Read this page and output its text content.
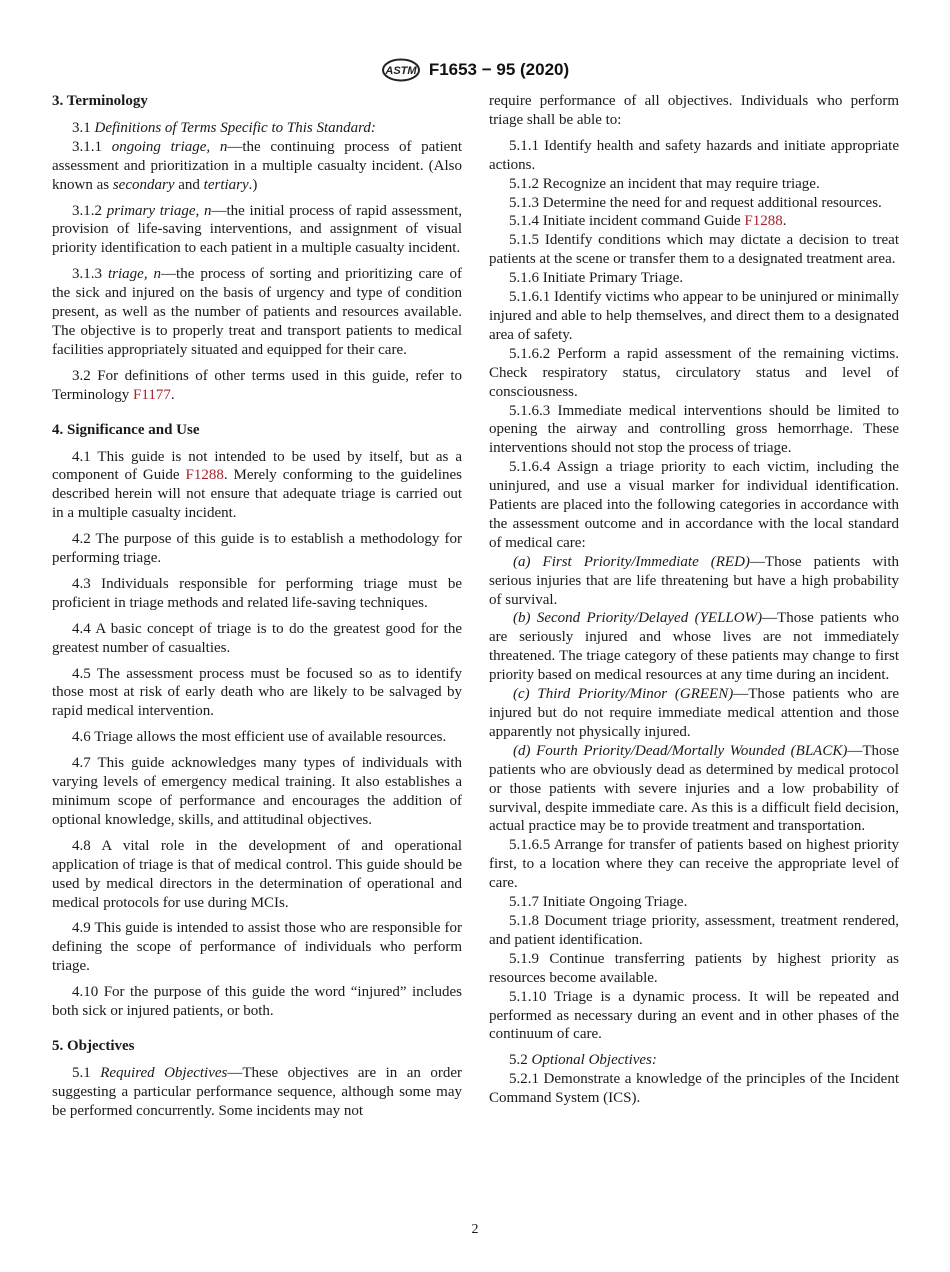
ASTM F1653 − 95 (2020)
3. Terminology

3.1 Definitions of Terms Specific to This Standard:

3.1.1 ongoing triage, n—the continuing process of patient assessment and prioritization in a multiple casualty incident. (Also known as secondary and tertiary.)

3.1.2 primary triage, n—the initial process of rapid assessment, provision of life-saving interventions, and assignment of visual priority identification to each patient in a multiple casualty incident.

3.1.3 triage, n—the process of sorting and prioritizing care of the sick and injured on the basis of urgency and type of condition present, as well as the number of patients and resources available. The objective is to properly treat and transport patients to medical facilities appropriately situated and equipped for their care.

3.2 For definitions of other terms used in this guide, refer to Terminology F1177.

4. Significance and Use

4.1 This guide is not intended to be used by itself, but as a component of Guide F1288. Merely conforming to the guidelines described herein will not ensure that adequate triage is carried out in a multiple casualty incident.

4.2 The purpose of this guide is to establish a methodology for performing triage.

4.3 Individuals responsible for performing triage must be proficient in triage methods and related life-saving techniques.

4.4 A basic concept of triage is to do the greatest good for the greatest number of casualties.

4.5 The assessment process must be focused so as to identify those most at risk of early death who are likely to be salvaged by rapid medical intervention.

4.6 Triage allows the most efficient use of available resources.

4.7 This guide acknowledges many types of individuals with varying levels of emergency medical training. It also establishes a minimum scope of performance and encourages the addition of optional knowledge, skills, and attitudinal objectives.

4.8 A vital role in the development of and operational application of triage is that of medical control. This guide should be used by medical directors in the determination of operational and medical protocols for use during MCIs.

4.9 This guide is intended to assist those who are responsible for defining the scope of performance of individuals who perform triage.

4.10 For the purpose of this guide the word “injured” includes both sick or injured patients, or both.

5. Objectives

5.1 Required Objectives—These objectives are in an order suggesting a particular performance sequence, although some may be performed concurrently. Some incidents may not

require performance of all objectives. Individuals who perform triage shall be able to:

5.1.1 Identify health and safety hazards and initiate appropriate actions.

5.1.2 Recognize an incident that may require triage.

5.1.3 Determine the need for and request additional resources.

5.1.4 Initiate incident command Guide F1288.

5.1.5 Identify conditions which may dictate a decision to treat patients at the scene or transfer them to a designated treatment area.

5.1.6 Initiate Primary Triage.

5.1.6.1 Identify victims who appear to be uninjured or minimally injured and able to help themselves, and direct them to a designated area of safety.

5.1.6.2 Perform a rapid assessment of the remaining victims. Check respiratory status, circulatory status and level of consciousness.

5.1.6.3 Immediate medical interventions should be limited to opening the airway and controlling gross hemorrhage. These interventions should not stop the process of triage.

5.1.6.4 Assign a triage priority to each victim, including the uninjured, and use a visual marker for individual identification. Patients are placed into the following categories in accordance with the assessment outcome and in accordance with the local standard of medical care:

(a) First Priority/Immediate (RED)—Those patients with serious injuries that are life threatening but have a high probability of survival.

(b) Second Priority/Delayed (YELLOW)—Those patients who are seriously injured and whose lives are not immediately threatened. The triage category of these patients may change to first priority based on medical resources at any time during an incident.

(c) Third Priority/Minor (GREEN)—Those patients who are injured but do not require immediate medical attention and those apparently not physically injured.

(d) Fourth Priority/Dead/Mortally Wounded (BLACK)—Those patients who are obviously dead as determined by medical protocol or those patients with severe injuries and a low probability of survival, despite immediate care. As this is a difficult field decision, actual practice may be to provide treatment and transportation.

5.1.6.5 Arrange for transfer of patients based on highest priority first, to a location where they can receive the appropriate level of care.

5.1.7 Initiate Ongoing Triage.

5.1.8 Document triage priority, assessment, treatment rendered, and patient identification.

5.1.9 Continue transferring patients by highest priority as resources become available.

5.1.10 Triage is a dynamic process. It will be repeated and performed as necessary during an event and in other phases of the continuum of care.

5.2 Optional Objectives:

5.2.1 Demonstrate a knowledge of the principles of the Incident Command System (ICS).

2
